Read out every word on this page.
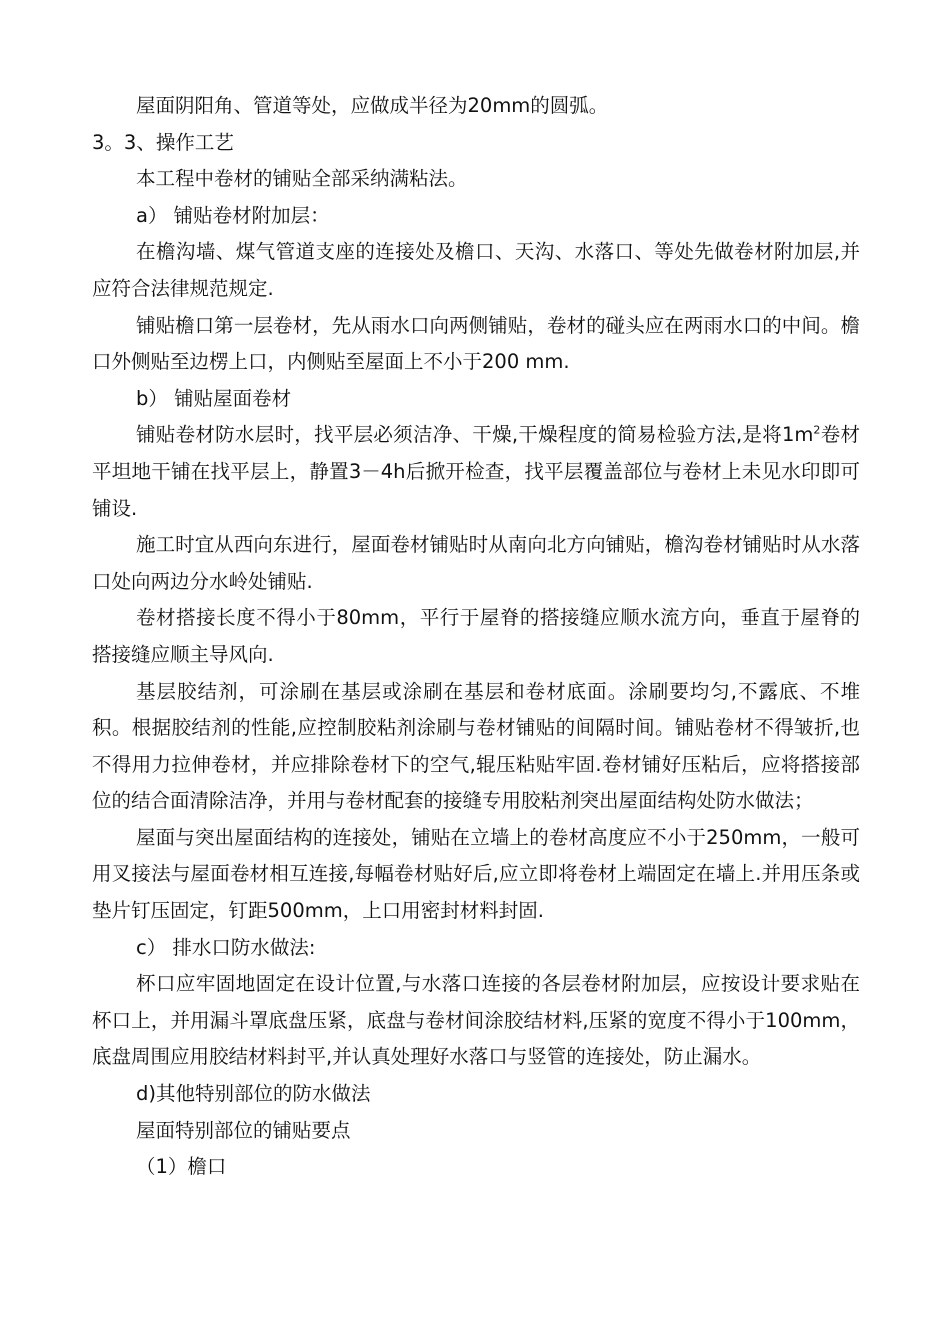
屋面阴阳角、管道等处，应做成半径为20mm的圆弧。

3。3、操作工艺

本工程中卷材的铺贴全部采纳满粘法。

a） 铺贴卷材附加层：

在檐沟墙、煤气管道支座的连接处及檐口、天沟、水落口、等处先做卷材附加层,并应符合法律规范规定.

铺贴檐口第一层卷材，先从雨水口向两侧铺贴，卷材的碰头应在两雨水口的中间。檐口外侧贴至边楞上口，内侧贴至屋面上不小于200 mm.

b） 铺贴屋面卷材

铺贴卷材防水层时，找平层必须洁净、干燥,干燥程度的简易检验方法,是将$1m^2$卷材平坦地干铺在找平层上，静置3－4h后掀开检查，找平层覆盖部位与卷材上未见水印即可铺设.

施工时宜从西向东进行，屋面卷材铺贴时从南向北方向铺贴，檐沟卷材铺贴时从水落口处向两边分水岭处铺贴.

卷材搭接长度不得小于80mm，平行于屋脊的搭接缝应顺水流方向，垂直于屋脊的搭接缝应顺主导风向.

基层胶结剂，可涂刷在基层或涂刷在基层和卷材底面。涂刷要均匀,不露底、不堆积。根据胶结剂的性能,应控制胶粘剂涂刷与卷材铺贴的间隔时间。铺贴卷材不得皱折,也不得用力拉伸卷材，并应排除卷材下的空气,辊压粘贴牢固.卷材铺好压粘后，应将搭接部位的结合面清除洁净，并用与卷材配套的接缝专用胶粘剂突出屋面结构处防水做法；

屋面与突出屋面结构的连接处，铺贴在立墙上的卷材高度应不小于250mm，一般可用叉接法与屋面卷材相互连接,每幅卷材贴好后,应立即将卷材上端固定在墙上.并用压条或垫片钉压固定，钉距500mm，上口用密封材料封固.

c） 排水口防水做法:

杯口应牢固地固定在设计位置,与水落口连接的各层卷材附加层，应按设计要求贴在杯口上，并用漏斗罩底盘压紧，底盘与卷材间涂胶结材料,压紧的宽度不得小于100mm，底盘周围应用胶结材料封平,并认真处理好水落口与竖管的连接处，防止漏水。

d)其他特别部位的防水做法

屋面特别部位的铺贴要点

（1）檐口
